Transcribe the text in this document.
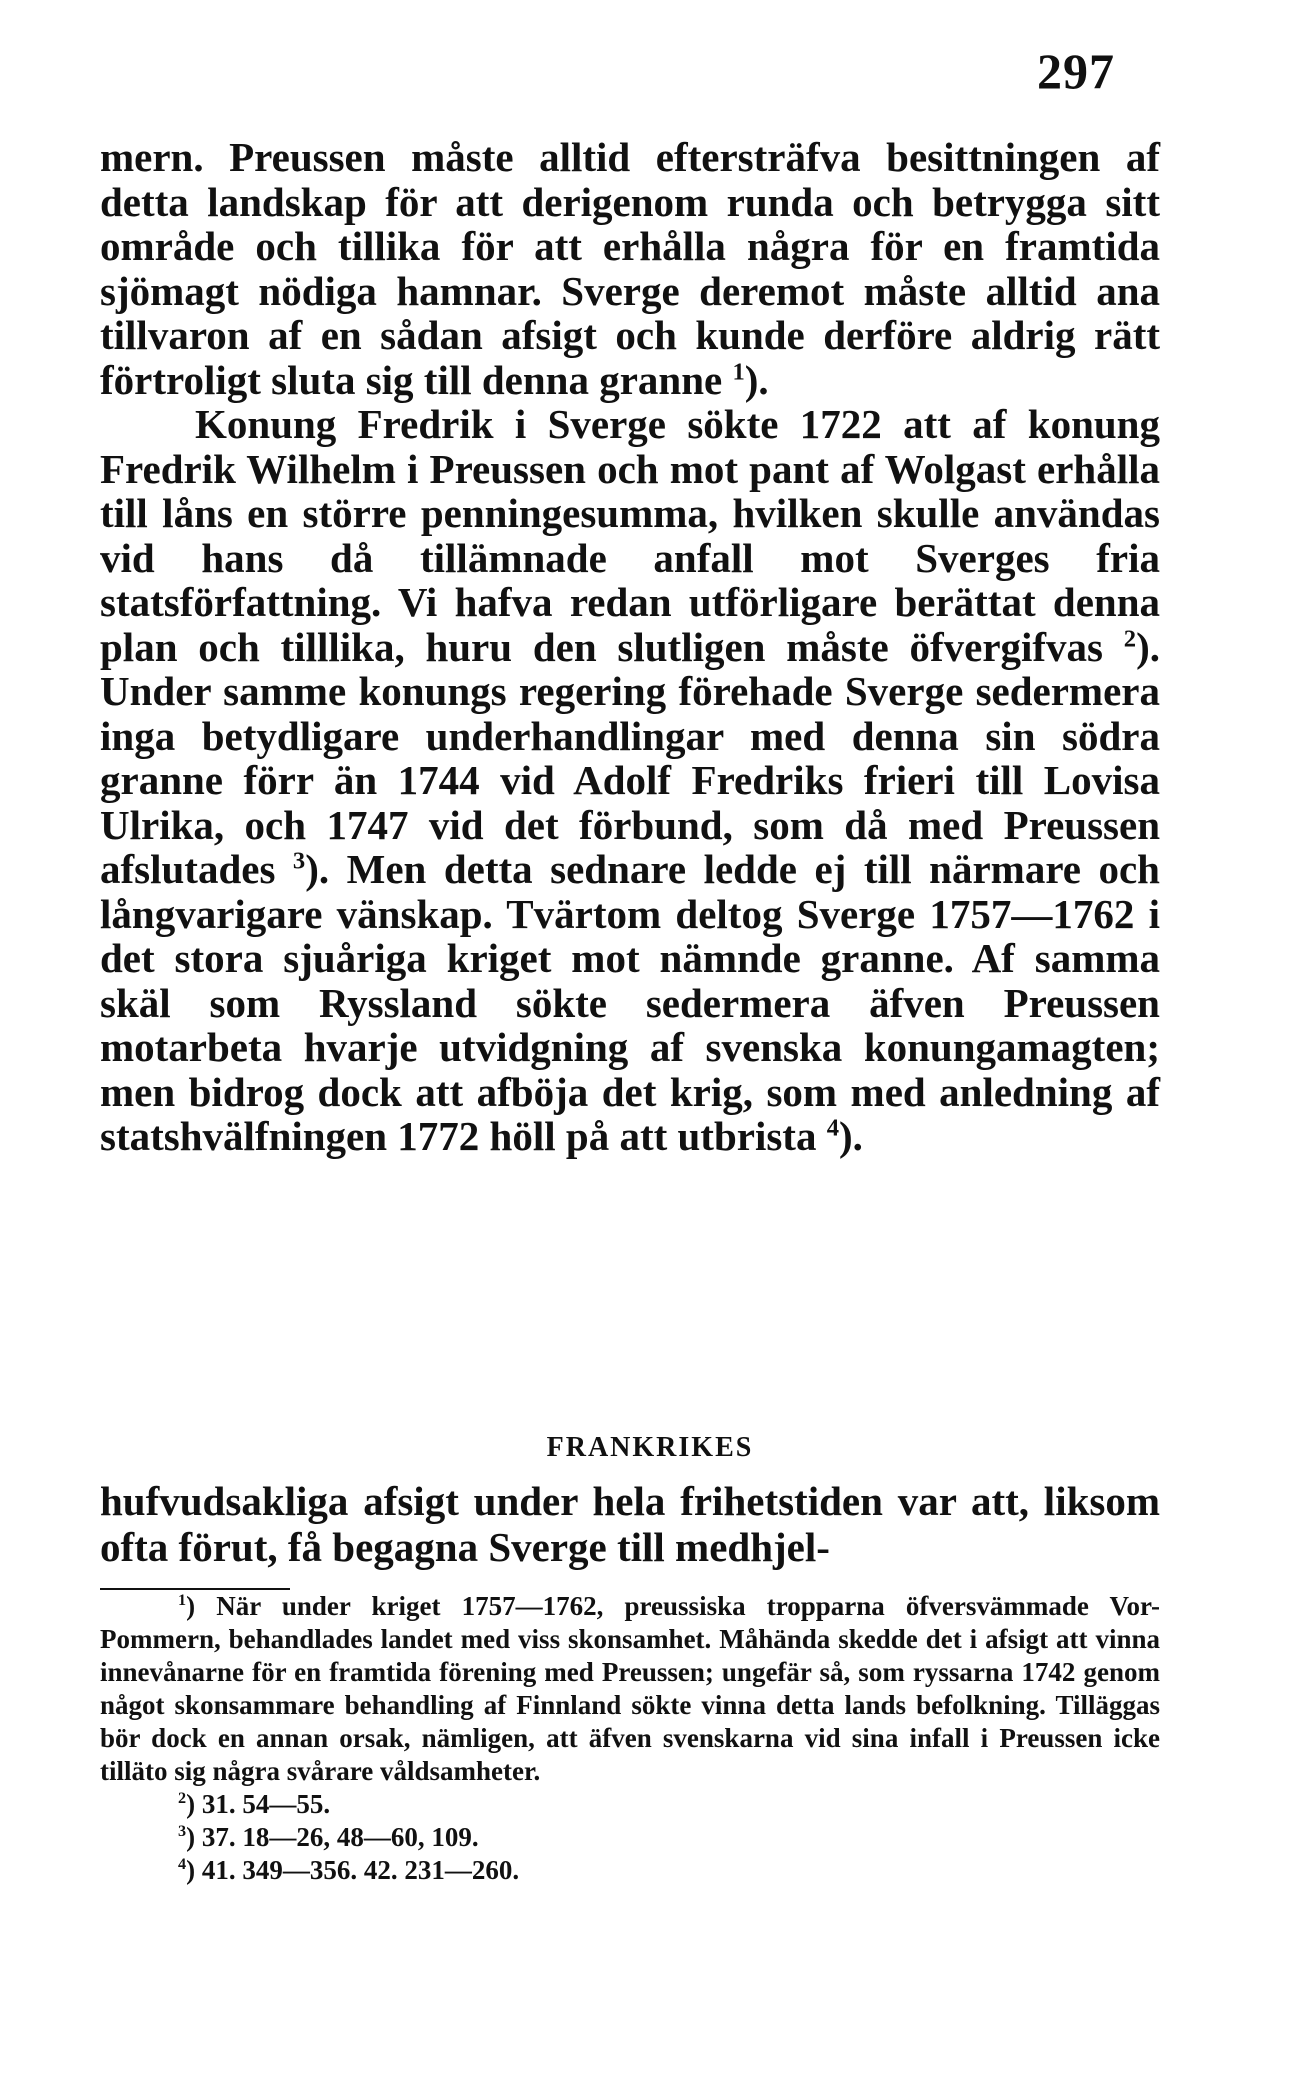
297

mern. Preussen måste alltid eftersträfva besittningen af detta landskap för att derigenom runda och betrygga sitt område och tillika för att erhålla några för en framtida sjömagt nödiga hamnar. Sverge deremot måste alltid ana tillvaron af en sådan afsigt och kunde derföre aldrig rätt förtroligt sluta sig till denna granne $^1$).

Konung Fredrik i Sverge sökte 1722 att af konung Fredrik Wilhelm i Preussen och mot pant af Wolgast erhålla till låns en större penningesumma, hvilken skulle användas vid hans då tillämnade anfall mot Sverges fria statsförfattning. Vi hafva redan utförligare berättat denna plan och tilllika, huru den slutligen måste öfvergifvas $^2$). Under samme konungs regering förehade Sverge sedermera inga betydligare underhandlingar med denna sin södra granne förr än 1744 vid Adolf Fredriks frieri till Lovisa Ulrika, och 1747 vid det förbund, som då med Preussen afslutades $^3$). Men detta sednare ledde ej till närmare och långvarigare vänskap. Tvärtom deltog Sverge 1757—1762 i det stora sjuåriga kriget mot nämnde granne. Af samma skäl som Ryssland sökte sedermera äfven Preussen motarbeta hvarje utvidgning af svenska konungamagten; men bidrog dock att afböja det krig, som med anledning af statshvälfningen 1772 höll på att utbrista $^4$).

FRANKRIKES

hufvudsakliga afsigt under hela frihetstiden var att, liksom ofta förut, få begagna Sverge till medhjel-

$^1$) När under kriget 1757—1762, preussiska tropparna öfversvämmade Vor-Pommern, behandlades landet med viss skonsamhet. Måhända skedde det i afsigt att vinna innevånarne för en framtida förening med Preussen; ungefär så, som ryssarna 1742 genom något skonsammare behandling af Finnland sökte vinna detta lands befolkning. Tilläggas bör dock en annan orsak, nämligen, att äfven svenskarna vid sina infall i Preussen icke tilläto sig några svårare våldsamheter.

$^2$) 31. 54—55.

$^3$) 37. 18—26, 48—60, 109.

$^4$) 41. 349—356. 42. 231—260.
